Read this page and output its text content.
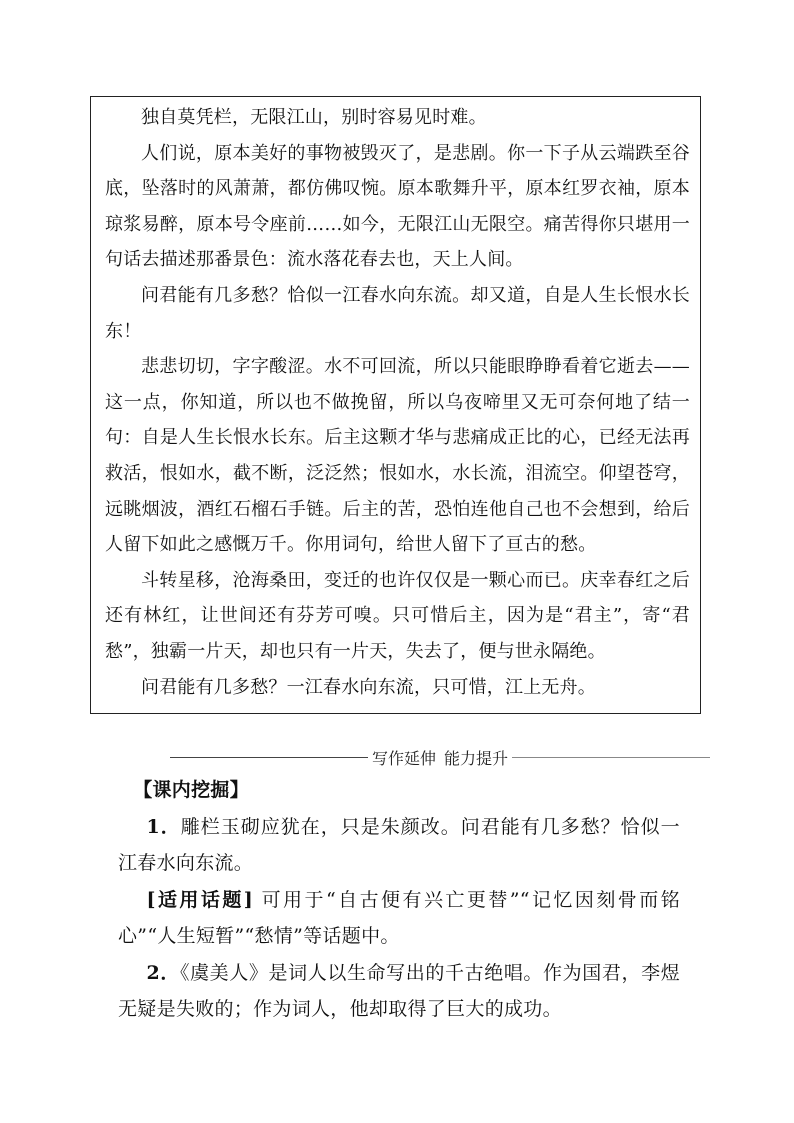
独自莫凭栏，无限江山，别时容易见时难。

人们说，原本美好的事物被毁灭了，是悲剧。你一下子从云端跌至谷底，坠落时的风萧萧，都仿佛叹惋。原本歌舞升平，原本红罗衣袖，原本琼浆易醉，原本号令座前……如今，无限江山无限空。痛苦得你只堪用一句话去描述那番景色：流水落花春去也，天上人间。

问君能有几多愁？恰似一江春水向东流。却又道，自是人生长恨水长东！

悲悲切切，字字酸涩。水不可回流，所以只能眼睁睁看着它逝去——这一点，你知道，所以也不做挽留，所以乌夜啼里又无可奈何地了结一句：自是人生长恨水长东。后主这颗才华与悲痛成正比的心，已经无法再救活，恨如水，截不断，泛泛然；恨如水，水长流，泪流空。仰望苍穹，远眺烟波，酒红石榴石手链。后主的苦，恐怕连他自己也不会想到，给后人留下如此之感慨万千。你用词句，给世人留下了亘古的愁。

斗转星移，沧海桑田，变迁的也许仅仅是一颗心而已。庆幸春红之后还有林红，让世间还有芬芳可嗅。只可惜后主，因为是“君主”，寄“君愁”，独霸一片天，却也只有一片天，失去了，便与世永隔绝。

问君能有几多愁？一江春水向东流，只可惜，江上无舟。

写作延伸 能力提升

【课内挖掘】

1．雕栏玉砌应犹在，只是朱颜改。问君能有几多愁？恰似一江春水向东流。

[适用话题] 可用于“自古便有兴亡更替”“记忆因刻骨而铭心”“人生短暂”“愁情”等话题中。

2．《虞美人》是词人以生命写出的千古绝唱。作为国君，李煜无疑是失败的；作为词人，他却取得了巨大的成功。
